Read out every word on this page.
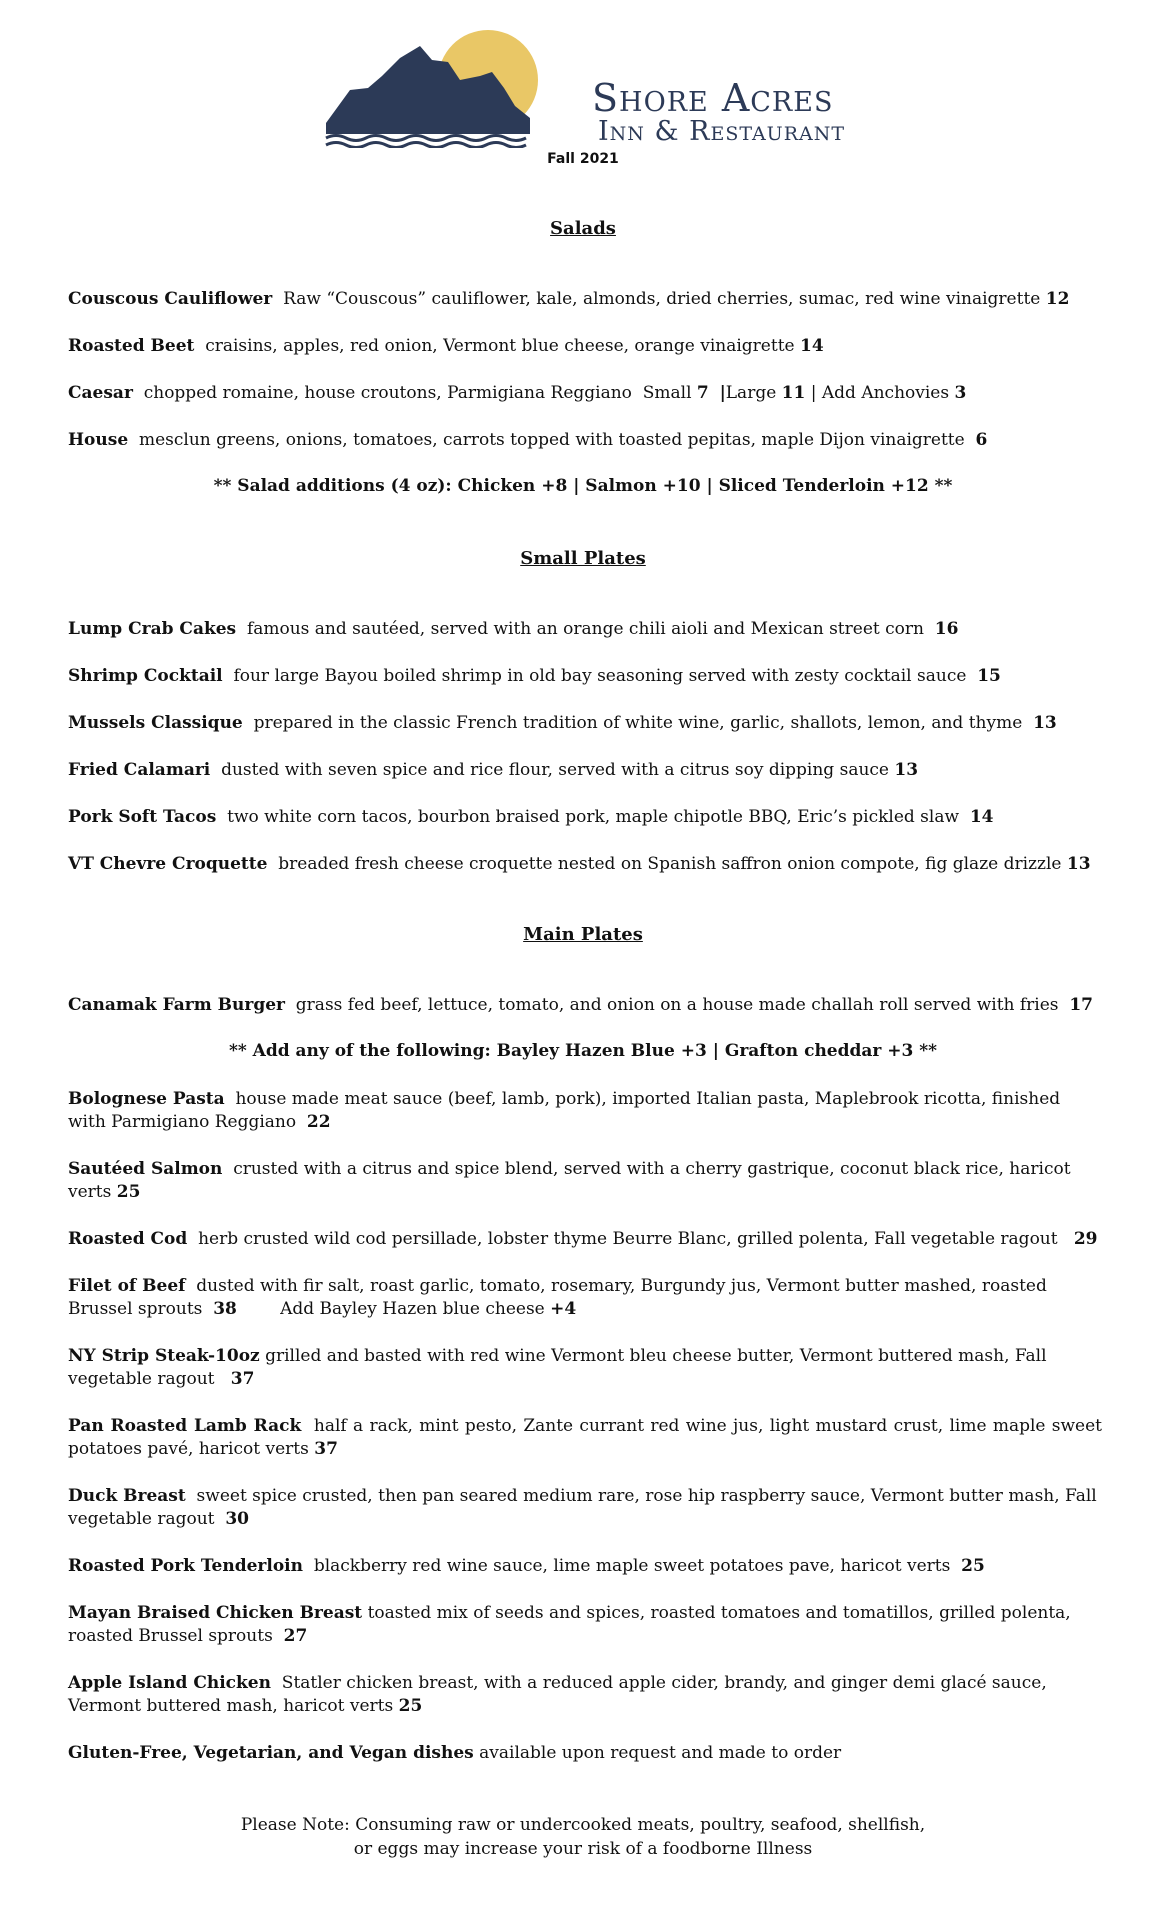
Shore Acres
Inn & Restaurant
Fall 2021
Salads
Couscous Cauliflower Raw “Couscous” cauliflower, kale, almonds, dried cherries, sumac, red wine vinaigrette 12
Roasted Beet craisins, apples, red onion, Vermont blue cheese, orange vinaigrette 14
Caesar chopped romaine, house croutons, Parmigiana Reggiano Small 7 |Large 11 | Add Anchovies 3
House mesclun greens, onions, tomatoes, carrots topped with toasted pepitas, maple Dijon vinaigrette 6
** Salad additions (4 oz): Chicken +8 | Salmon +10 | Sliced Tenderloin +12 **
Small Plates
Lump Crab Cakes famous and sautéed, served with an orange chili aioli and Mexican street corn 16
Shrimp Cocktail four large Bayou boiled shrimp in old bay seasoning served with zesty cocktail sauce 15
Mussels Classique prepared in the classic French tradition of white wine, garlic, shallots, lemon, and thyme 13
Fried Calamari dusted with seven spice and rice flour, served with a citrus soy dipping sauce 13
Pork Soft Tacos two white corn tacos, bourbon braised pork, maple chipotle BBQ, Eric’s pickled slaw 14
VT Chevre Croquette breaded fresh cheese croquette nested on Spanish saffron onion compote, fig glaze drizzle 13
Main Plates
Canamak Farm Burger grass fed beef, lettuce, tomato, and onion on a house made challah roll served with fries 17
** Add any of the following: Bayley Hazen Blue +3 | Grafton cheddar +3 **
Bolognese Pasta house made meat sauce (beef, lamb, pork), imported Italian pasta, Maplebrook ricotta, finished with Parmigiano Reggiano 22
Sautéed Salmon crusted with a citrus and spice blend, served with a cherry gastrique, coconut black rice, haricot verts 25
Roasted Cod herb crusted wild cod persillade, lobster thyme Beurre Blanc, grilled polenta, Fall vegetable ragout 29
Filet of Beef dusted with fir salt, roast garlic, tomato, rosemary, Burgundy jus, Vermont butter mashed, roasted Brussel sprouts 38	Add Bayley Hazen blue cheese +4
NY Strip Steak-10oz grilled and basted with red wine Vermont bleu cheese butter, Vermont buttered mash, Fall vegetable ragout 37
Pan Roasted Lamb Rack half a rack, mint pesto, Zante currant red wine jus, light mustard crust, lime maple sweet potatoes pavé, haricot verts 37
Duck Breast sweet spice crusted, then pan seared medium rare, rose hip raspberry sauce, Vermont butter mash, Fall vegetable ragout 30
Roasted Pork Tenderloin blackberry red wine sauce, lime maple sweet potatoes pave, haricot verts 25
Mayan Braised Chicken Breast toasted mix of seeds and spices, roasted tomatoes and tomatillos, grilled polenta, roasted Brussel sprouts 27
Apple Island Chicken Statler chicken breast, with a reduced apple cider, brandy, and ginger demi glacé sauce, Vermont buttered mash, haricot verts 25
Gluten-Free, Vegetarian, and Vegan dishes available upon request and made to order
Please Note: Consuming raw or undercooked meats, poultry, seafood, shellfish,
or eggs may increase your risk of a foodborne Illness
